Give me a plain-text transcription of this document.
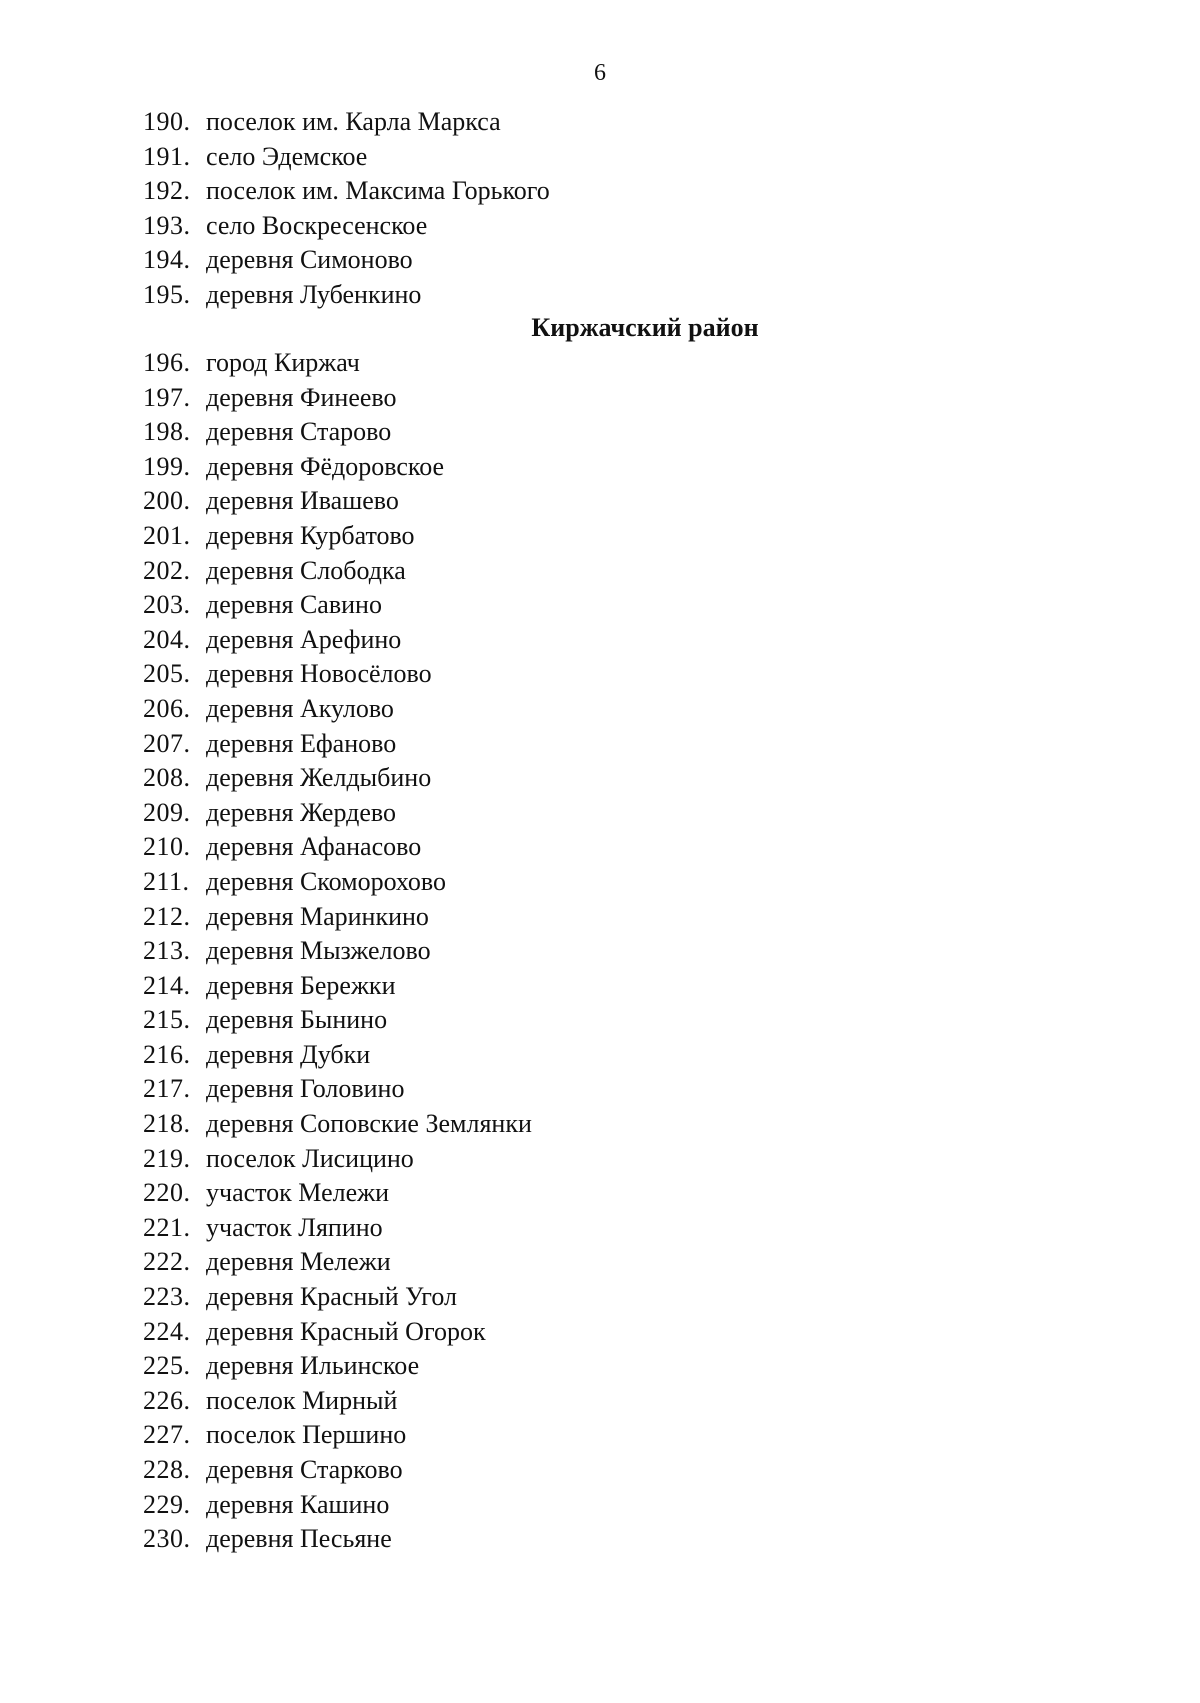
6
190. поселок им. Карла Маркса
191. село Эдемское
192. поселок им. Максима Горького
193. село Воскресенское
194. деревня Симоново
195. деревня Лубенкино
Киржачский район
196. город Киржач
197. деревня Финеево
198. деревня Старово
199. деревня Фёдоровское
200. деревня Ивашево
201. деревня Курбатово
202. деревня Слободка
203. деревня Савино
204. деревня Арефино
205. деревня Новосёлово
206. деревня Акулово
207. деревня Ефаново
208. деревня Желдыбино
209. деревня Жердево
210. деревня Афанасово
211. деревня Скоморохово
212. деревня Маринкино
213. деревня Мызжелово
214. деревня Бережки
215. деревня Бынино
216. деревня Дубки
217. деревня Головино
218. деревня Соповские Землянки
219. поселок Лисицино
220. участок Мележи
221. участок Ляпино
222. деревня Мележи
223. деревня Красный Угол
224. деревня Красный Огорок
225. деревня Ильинское
226. поселок Мирный
227. поселок Першино
228. деревня Старково
229. деревня Кашино
230. деревня Песьяне
